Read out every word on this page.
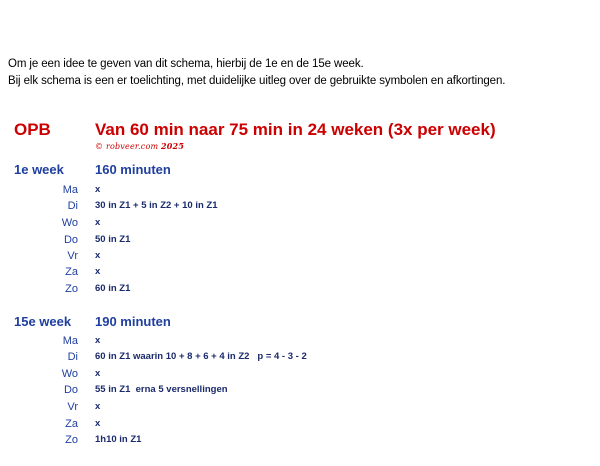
Om je een idee te geven van dit schema, hierbij de 1e en de 15e week.
Bij elk schema is een er toelichting, met duidelijke uitleg over de gebruikte symbolen en afkortingen.
OPB	Van 60 min naar 75 min in 24 weken (3x per week)
© robveer.com 2025
1e week 160 minuten
Ma x
Di 30 in Z1 + 5 in Z2 + 10 in Z1
Wo x
Do 50 in Z1
Vr x
Za x
Zo 60 in Z1
15e week 190 minuten
Ma x
Di 60 in Z1 waarin 10 + 8 + 6 + 4 in Z2   p = 4 - 3 - 2
Wo x
Do 55 in Z1  erna 5 versnellingen
Vr x
Za x
Zo 1h10 in Z1
